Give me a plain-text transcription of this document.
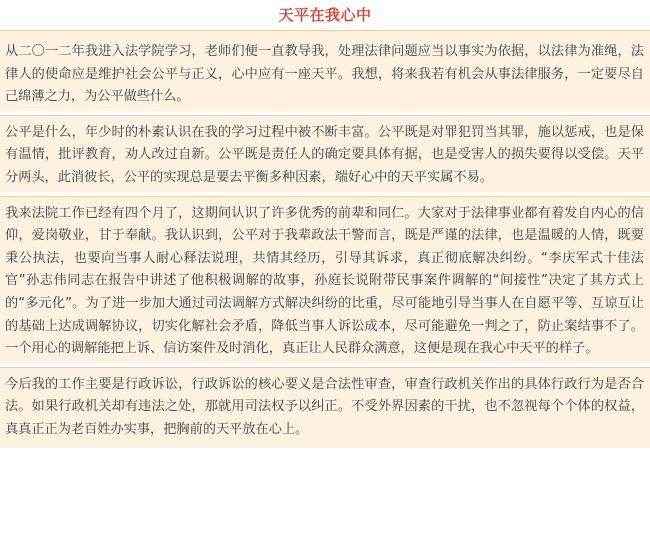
天平在我心中
从二〇一二年我进入法学院学习，老师们便一直教导我，处理法律问题应当以事实为依据，以法律为准绳，法律人的使命应是维护社会公平与正义，心中应有一座天平。我想，将来我若有机会从事法律服务，一定要尽自己绵薄之力，为公平做些什么。
公平是什么，年少时的朴素认识在我的学习过程中被不断丰富。公平既是对罪犯罚当其罪，施以惩戒，也是保有温情，批评教育，劝人改过自新。公平既是责任人的确定要具体有据，也是受害人的损失要得以受偿。天平分两头，此消彼长，公平的实现总是要去平衡多种因素，端好心中的天平实属不易。
我来法院工作已经有四个月了，这期间认识了许多优秀的前辈和同仁。大家对于法律事业都有着发自内心的信仰，爱岗敬业，甘于奉献。我认识到，公平对于我辈政法干警而言，既是严谨的法律，也是温暖的人情，既要秉公执法，也要向当事人耐心释法说理，共情其经历，引导其诉求，真正彻底解决纠纷。“李庆军式十佳法官”孙志伟同志在报告中讲述了他积极调解的故事，孙庭长说附带民事案件调解的“间接性”决定了其方式上的“多元化”。为了进一步加大通过司法调解方式解决纠纷的比重，尽可能地引导当事人在自愿平等、互谅互让的基础上达成调解协议，切实化解社会矛盾，降低当事人诉讼成本，尽可能避免一判之了，防止案结事不了。一个用心的调解能把上诉、信访案件及时消化，真正让人民群众满意，这便是现在我心中天平的样子。
今后我的工作主要是行政诉讼，行政诉讼的核心要义是合法性审查，审查行政机关作出的具体行政行为是否合法。如果行政机关却有违法之处，那就用司法权予以纠正。不受外界因素的干扰，也不忽视每个个体的权益，真真正正为老百姓办实事，把胸前的天平放在心上。
